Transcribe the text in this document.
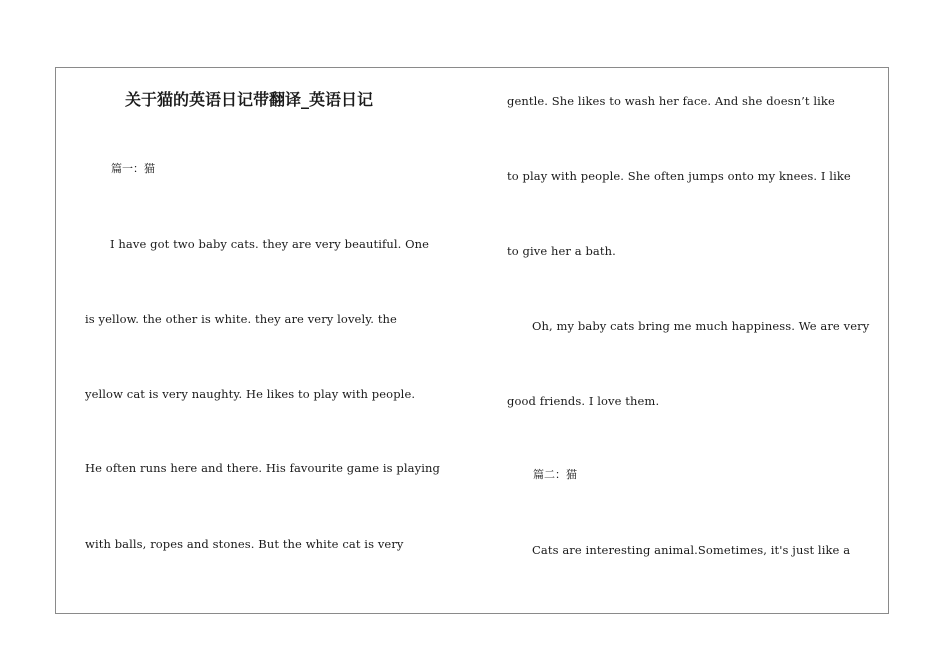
关于猫的英语日记带翻译_英语日记
篇一：猫
I have got two baby cats. they are very beautiful. One
is yellow. the other is white. they are very lovely. the
yellow cat is very naughty. He likes to play with people.
He often runs here and there. His favourite game is playing
with balls, ropes and stones. But the white cat is very
gentle. She likes to wash her face. And she doesn’t like
to play with people. She often jumps onto my knees. I like
to give her a bath.
Oh, my baby cats bring me much happiness. We are very
good friends. I love them.
篇二：猫
Cats are interesting animal.Sometimes, it's just like a
